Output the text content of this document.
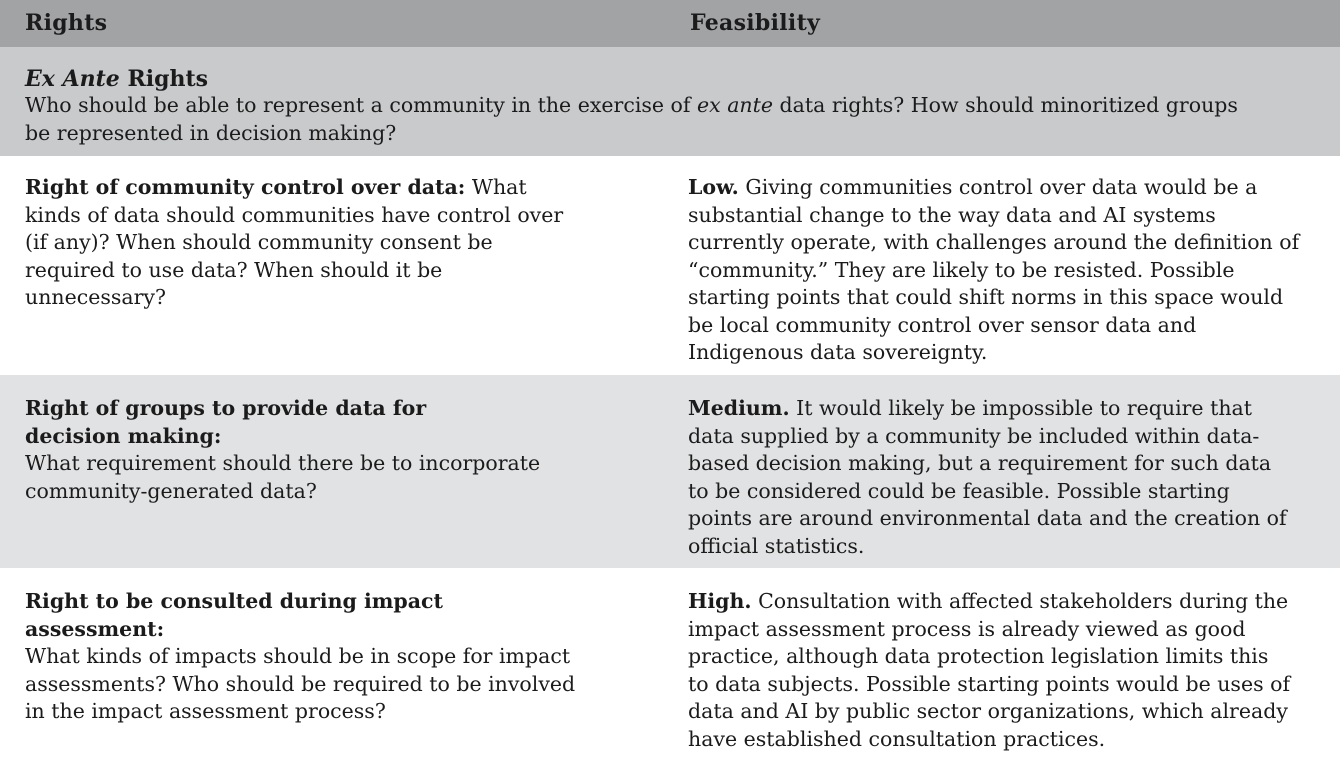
Rights	Feasibility
Ex Ante Rights
Who should be able to represent a community in the exercise of ex ante data rights? How should minoritized groups be represented in decision making?
Right of community control over data: What kinds of data should communities have control over (if any)? When should community consent be required to use data? When should it be unnecessary?
Low. Giving communities control over data would be a substantial change to the way data and AI systems currently operate, with challenges around the definition of “community.” They are likely to be resisted. Possible starting points that could shift norms in this space would be local community control over sensor data and Indigenous data sovereignty.
Right of groups to provide data for decision making:
What requirement should there be to incorporate community-generated data?
Medium. It would likely be impossible to require that data supplied by a community be included within data-based decision making, but a requirement for such data to be considered could be feasible. Possible starting points are around environmental data and the creation of official statistics.
Right to be consulted during impact assessment:
What kinds of impacts should be in scope for impact assessments? Who should be required to be involved in the impact assessment process?
High. Consultation with affected stakeholders during the impact assessment process is already viewed as good practice, although data protection legislation limits this to data subjects. Possible starting points would be uses of data and AI by public sector organizations, which already have established consultation practices.
